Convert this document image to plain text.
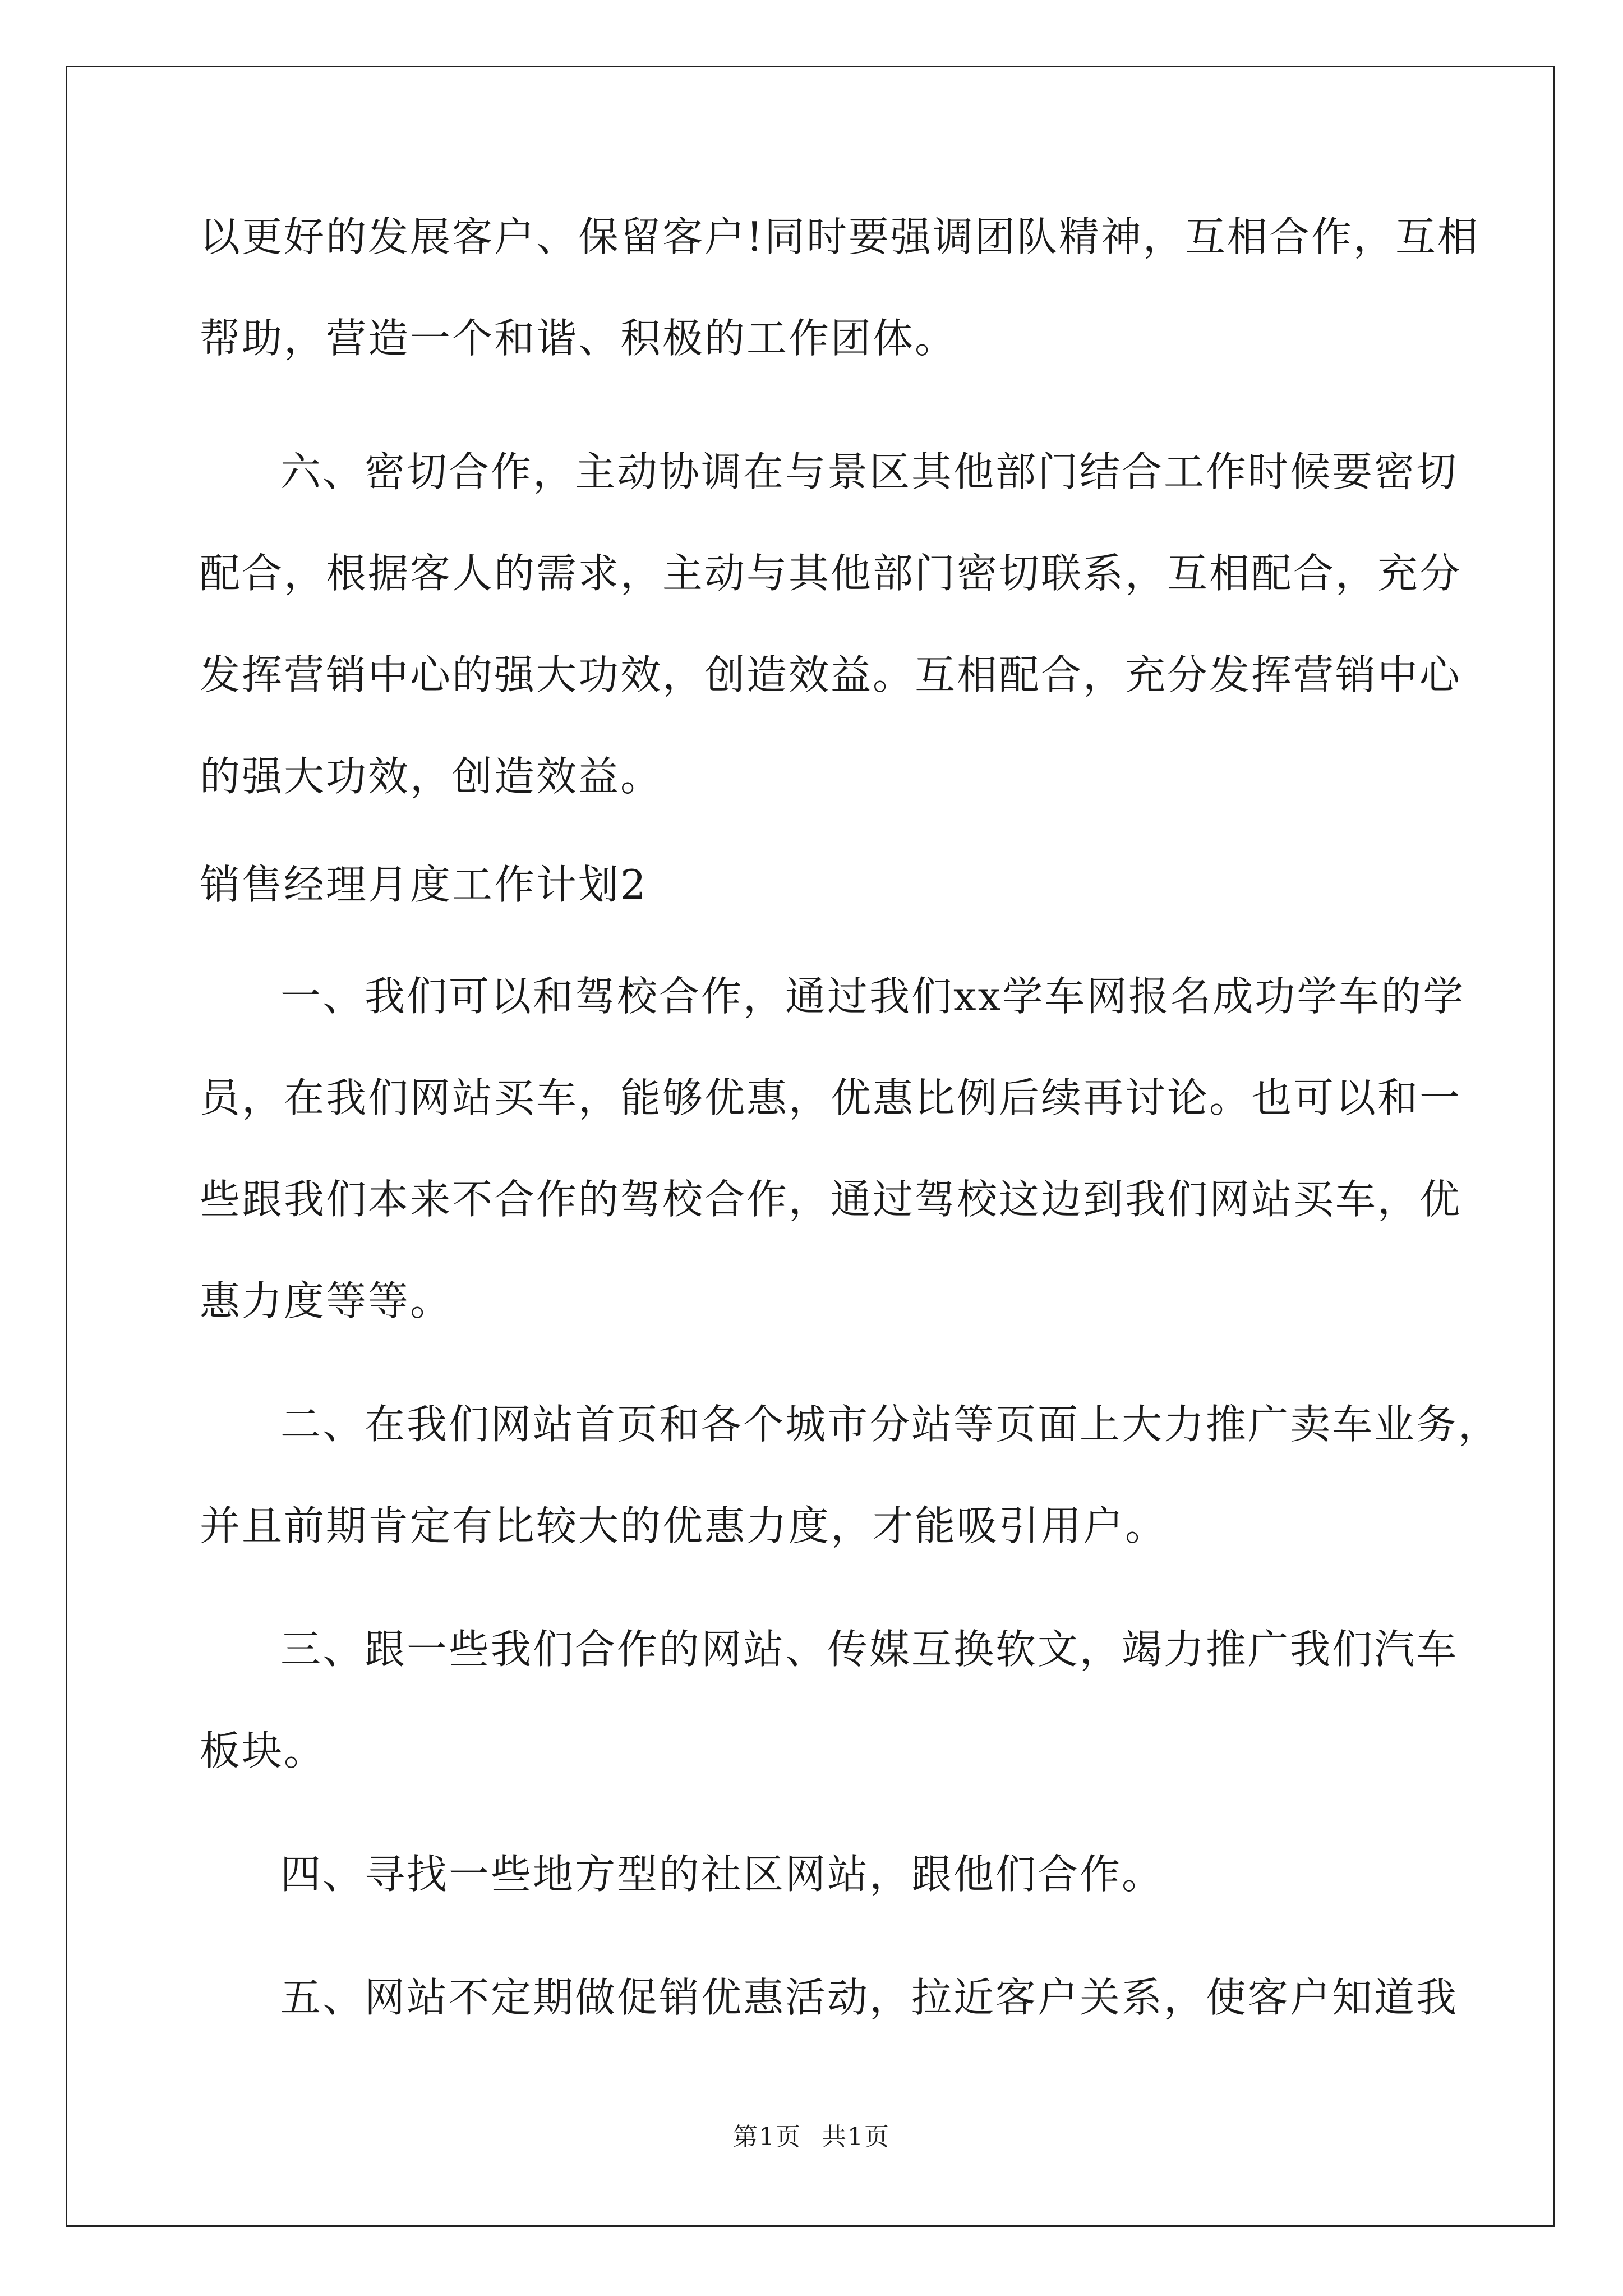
以更好的发展客户、保留客户!同时要强调团队精神，互相合作，互相
帮助，营造一个和谐、积极的工作团体。
六、密切合作，主动协调在与景区其他部门结合工作时候要密切
配合，根据客人的需求，主动与其他部门密切联系，互相配合，充分
发挥营销中心的强大功效，创造效益。互相配合，充分发挥营销中心
的强大功效，创造效益。
销售经理月度工作计划2
一、我们可以和驾校合作，通过我们xx学车网报名成功学车的学
员，在我们网站买车，能够优惠，优惠比例后续再讨论。也可以和一
些跟我们本来不合作的驾校合作，通过驾校这边到我们网站买车，优
惠力度等等。
二、在我们网站首页和各个城市分站等页面上大力推广卖车业务，
并且前期肯定有比较大的优惠力度，才能吸引用户。
三、跟一些我们合作的网站、传媒互换软文，竭力推广我们汽车
板块。
四、寻找一些地方型的社区网站，跟他们合作。
五、网站不定期做促销优惠活动，拉近客户关系，使客户知道我
第1页 共1页
